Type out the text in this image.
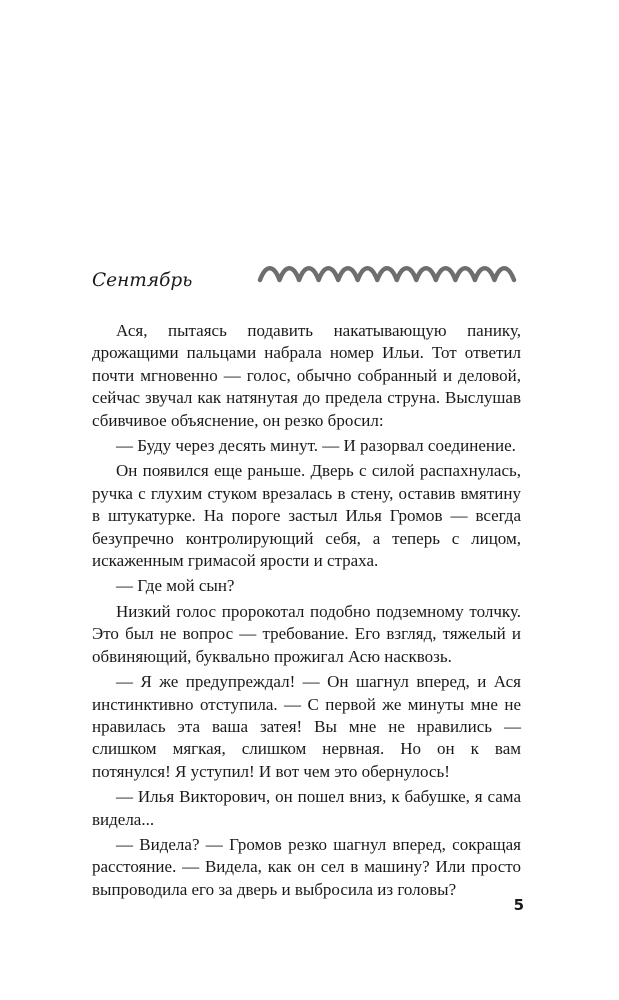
Сентябрь

Ася, пытаясь подавить накатывающую панику, дрожащими пальцами набрала номер Ильи. Тот ответил почти мгновенно — голос, обычно собранный и деловой, сейчас звучал как натянутая до предела струна. Выслушав сбивчивое объяснение, он резко бросил:

— Буду через десять минут. — И разорвал соединение.

Он появился еще раньше. Дверь с силой распахнулась, ручка с глухим стуком врезалась в стену, оставив вмятину в штукатурке. На пороге застыл Илья Громов — всегда безупречно контролирующий себя, а теперь с лицом, искаженным гримасой ярости и страха.

— Где мой сын?

Низкий голос пророкотал подобно подземному толчку. Это был не вопрос — требование. Его взгляд, тяжелый и обвиняющий, буквально прожигал Асю насквозь.

— Я же предупреждал! — Он шагнул вперед, и Ася инстинктивно отступила. — С первой же минуты мне не нравилась эта ваша затея! Вы мне не нравились — слишком мягкая, слишком нервная. Но он к вам потянулся! Я уступил! И вот чем это обернулось!

— Илья Викторович, он пошел вниз, к бабушке, я сама видела...

— Видела? — Громов резко шагнул вперед, сокращая расстояние. — Видела, как он сел в машину? Или просто выпроводила его за дверь и выбросила из головы?

5
